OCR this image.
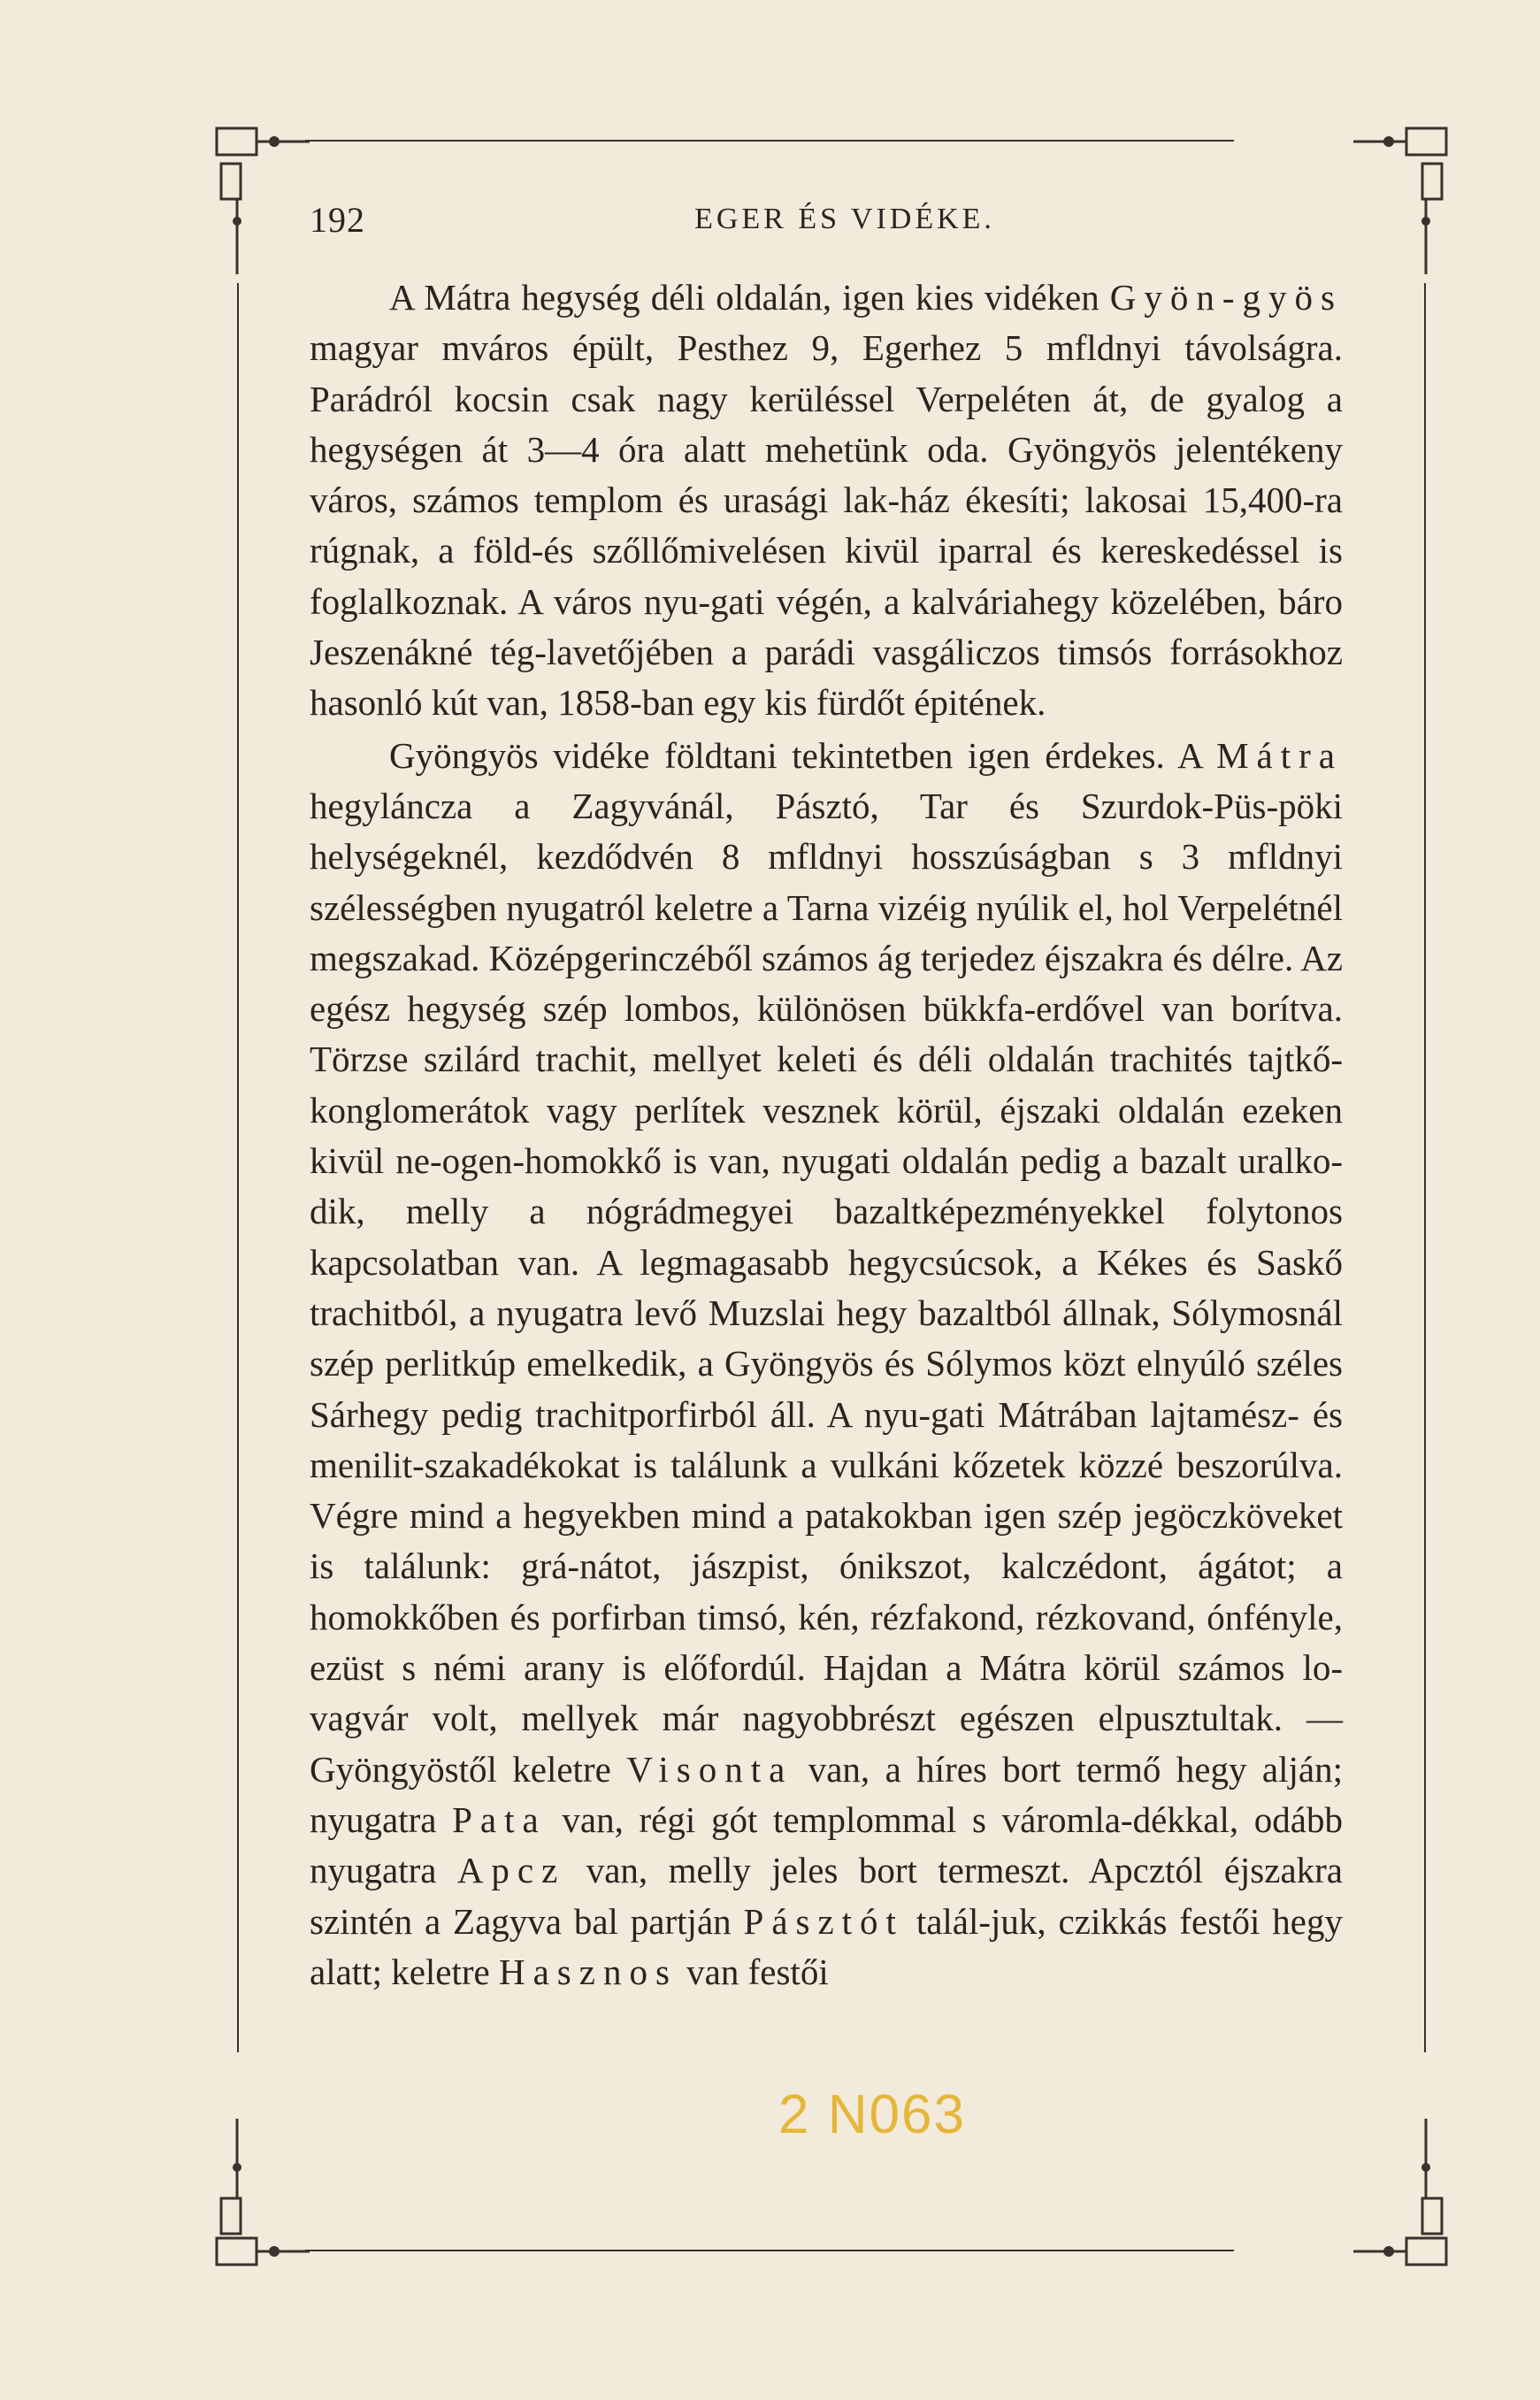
192	EGER ÉS VIDÉKE.

A Mátra hegység déli oldalán, igen kies vidéken Gyön-gyös magyar mváros épült, Pesthez 9, Egerhez 5 mfldnyi távolságra. Parádról kocsin csak nagy kerüléssel Verpeléten át, de gyalog a hegységen át 3—4 óra alatt mehetünk oda. Gyöngyös jelentékeny város, számos templom és urasági lak-ház ékesíti; lakosai 15,400-ra rúgnak, a föld-és szőllőmivelésen kivül iparral és kereskedéssel is foglalkoznak. A város nyu-gati végén, a kalváriahegy közelében, báro Jeszenákné tég-lavetőjében a parádi vasgáliczos timsós forrásokhoz hasonló kút van, 1858-ban egy kis fürdőt épitének.

Gyöngyös vidéke földtani tekintetben igen érdekes. A Mátra hegyláncza a Zagyvánál, Pásztó, Tar és Szurdok-Püs-pöki helységeknél, kezdődvén 8 mfldnyi hosszúságban s 3 mfldnyi szélességben nyugatról keletre a Tarna vizéig nyúlik el, hol Verpelétnél megszakad. Középgerinczéből számos ág terjedez éjszakra és délre. Az egész hegység szép lombos, különösen bükkfa-erdővel van borítva. Törzse szilárd trachit, mellyet keleti és déli oldalán trachités tajtkő-konglomerátok vagy perlítek vesznek körül, éjszaki oldalán ezeken kivül ne-ogen-homokkő is van, nyugati oldalán pedig a bazalt uralko-dik, melly a nógrádmegyei bazaltképezményekkel folytonos kapcsolatban van. A legmagasabb hegycsúcsok, a Kékes és Saskő trachitból, a nyugatra levő Muzslai hegy bazaltból állnak, Sólymosnál szép perlitkúp emelkedik, a Gyöngyös és Sólymos közt elnyúló széles Sárhegy pedig trachitporfirból áll. A nyu-gati Mátrában lajtamész- és menilit-szakadékokat is találunk a vulkáni kőzetek közzé beszorúlva. Végre mind a hegyekben mind a patakokban igen szép jegöczköveket is találunk: grá-nátot, jászpist, ónikszot, kalczédont, ágátot; a homokkőben és porfirban timsó, kén, rézfakond, rézkovand, ónfényle, ezüst s némi arany is előfordúl. Hajdan a Mátra körül számos lo-vagvár volt, mellyek már nagyobbrészt egészen elpusztultak. — Gyöngyöstől keletre Visonta van, a híres bort termő hegy alján; nyugatra Pata van, régi gót templommal s váromla-dékkal, odább nyugatra Apcz van, melly jeles bort termeszt. Apcztól éjszakra szintén a Zagyva bal partján Pásztót talál-juk, czikkás festői hegy alatt; keletre Hasznos van festői

2 N063
